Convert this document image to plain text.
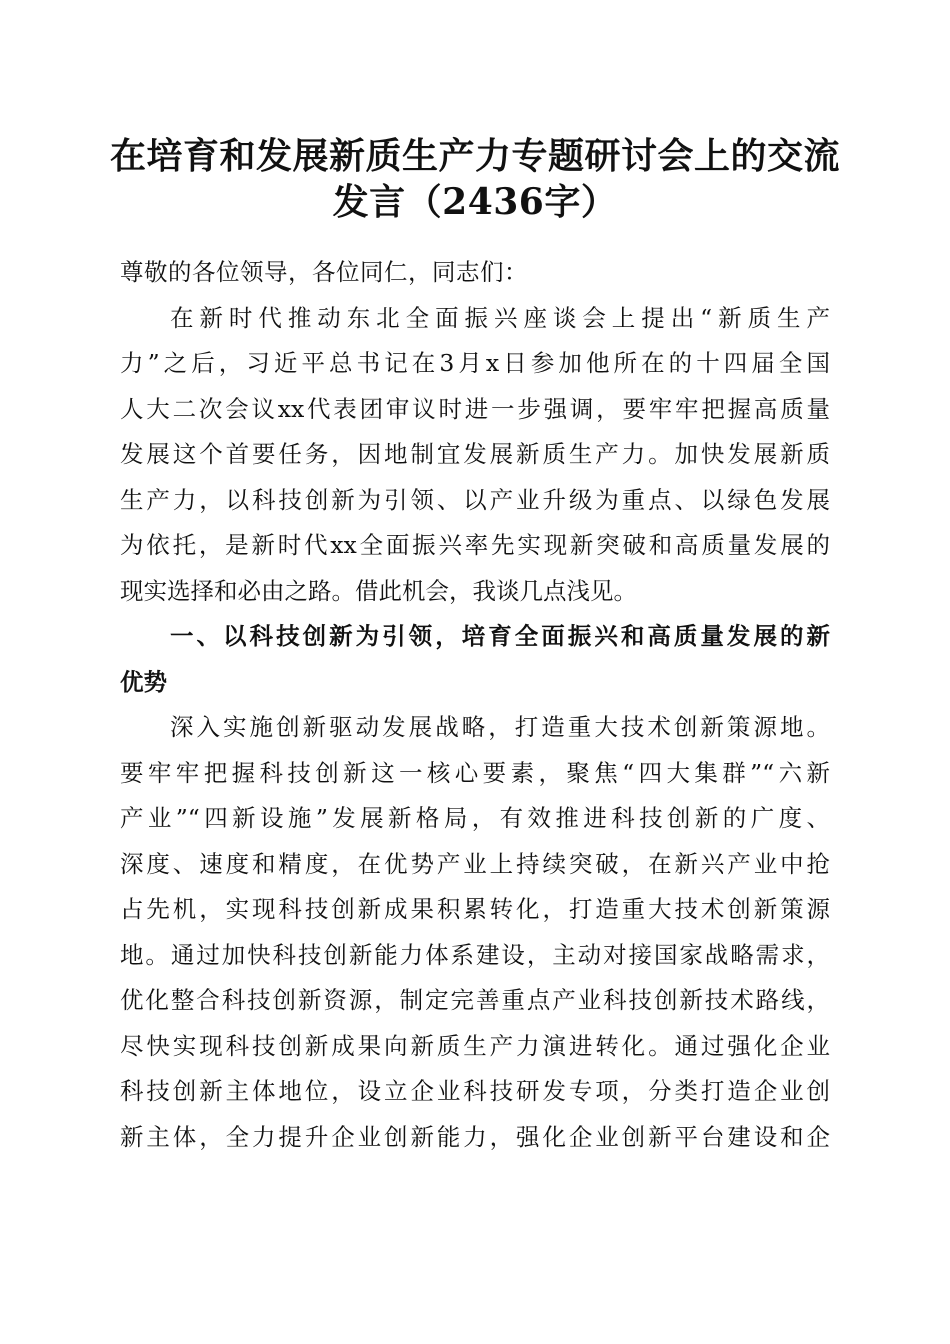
在培育和发展新质生产力专题研讨会上的交流
发言（2436字）

尊敬的各位领导，各位同仁，同志们：

在新时代推动东北全面振兴座谈会上提出“新质生产
力”之后，习近平总书记在3月x日参加他所在的十四届全国
人大二次会议xx代表团审议时进一步强调，要牢牢把握高质量
发展这个首要任务，因地制宜发展新质生产力。加快发展新质
生产力，以科技创新为引领、以产业升级为重点、以绿色发展
为依托，是新时代xx全面振兴率先实现新突破和高质量发展的
现实选择和必由之路。借此机会，我谈几点浅见。
一、以科技创新为引领，培育全面振兴和高质量发展的新
优势
深入实施创新驱动发展战略，打造重大技术创新策源地。
要牢牢把握科技创新这一核心要素，聚焦“四大集群”“六新
产业”“四新设施”发展新格局，有效推进科技创新的广度、
深度、速度和精度，在优势产业上持续突破，在新兴产业中抢
占先机，实现科技创新成果积累转化，打造重大技术创新策源
地。通过加快科技创新能力体系建设，主动对接国家战略需求，
优化整合科技创新资源，制定完善重点产业科技创新技术路线，
尽快实现科技创新成果向新质生产力演进转化。通过强化企业
科技创新主体地位，设立企业科技研发专项，分类打造企业创
新主体，全力提升企业创新能力，强化企业创新平台建设和企
